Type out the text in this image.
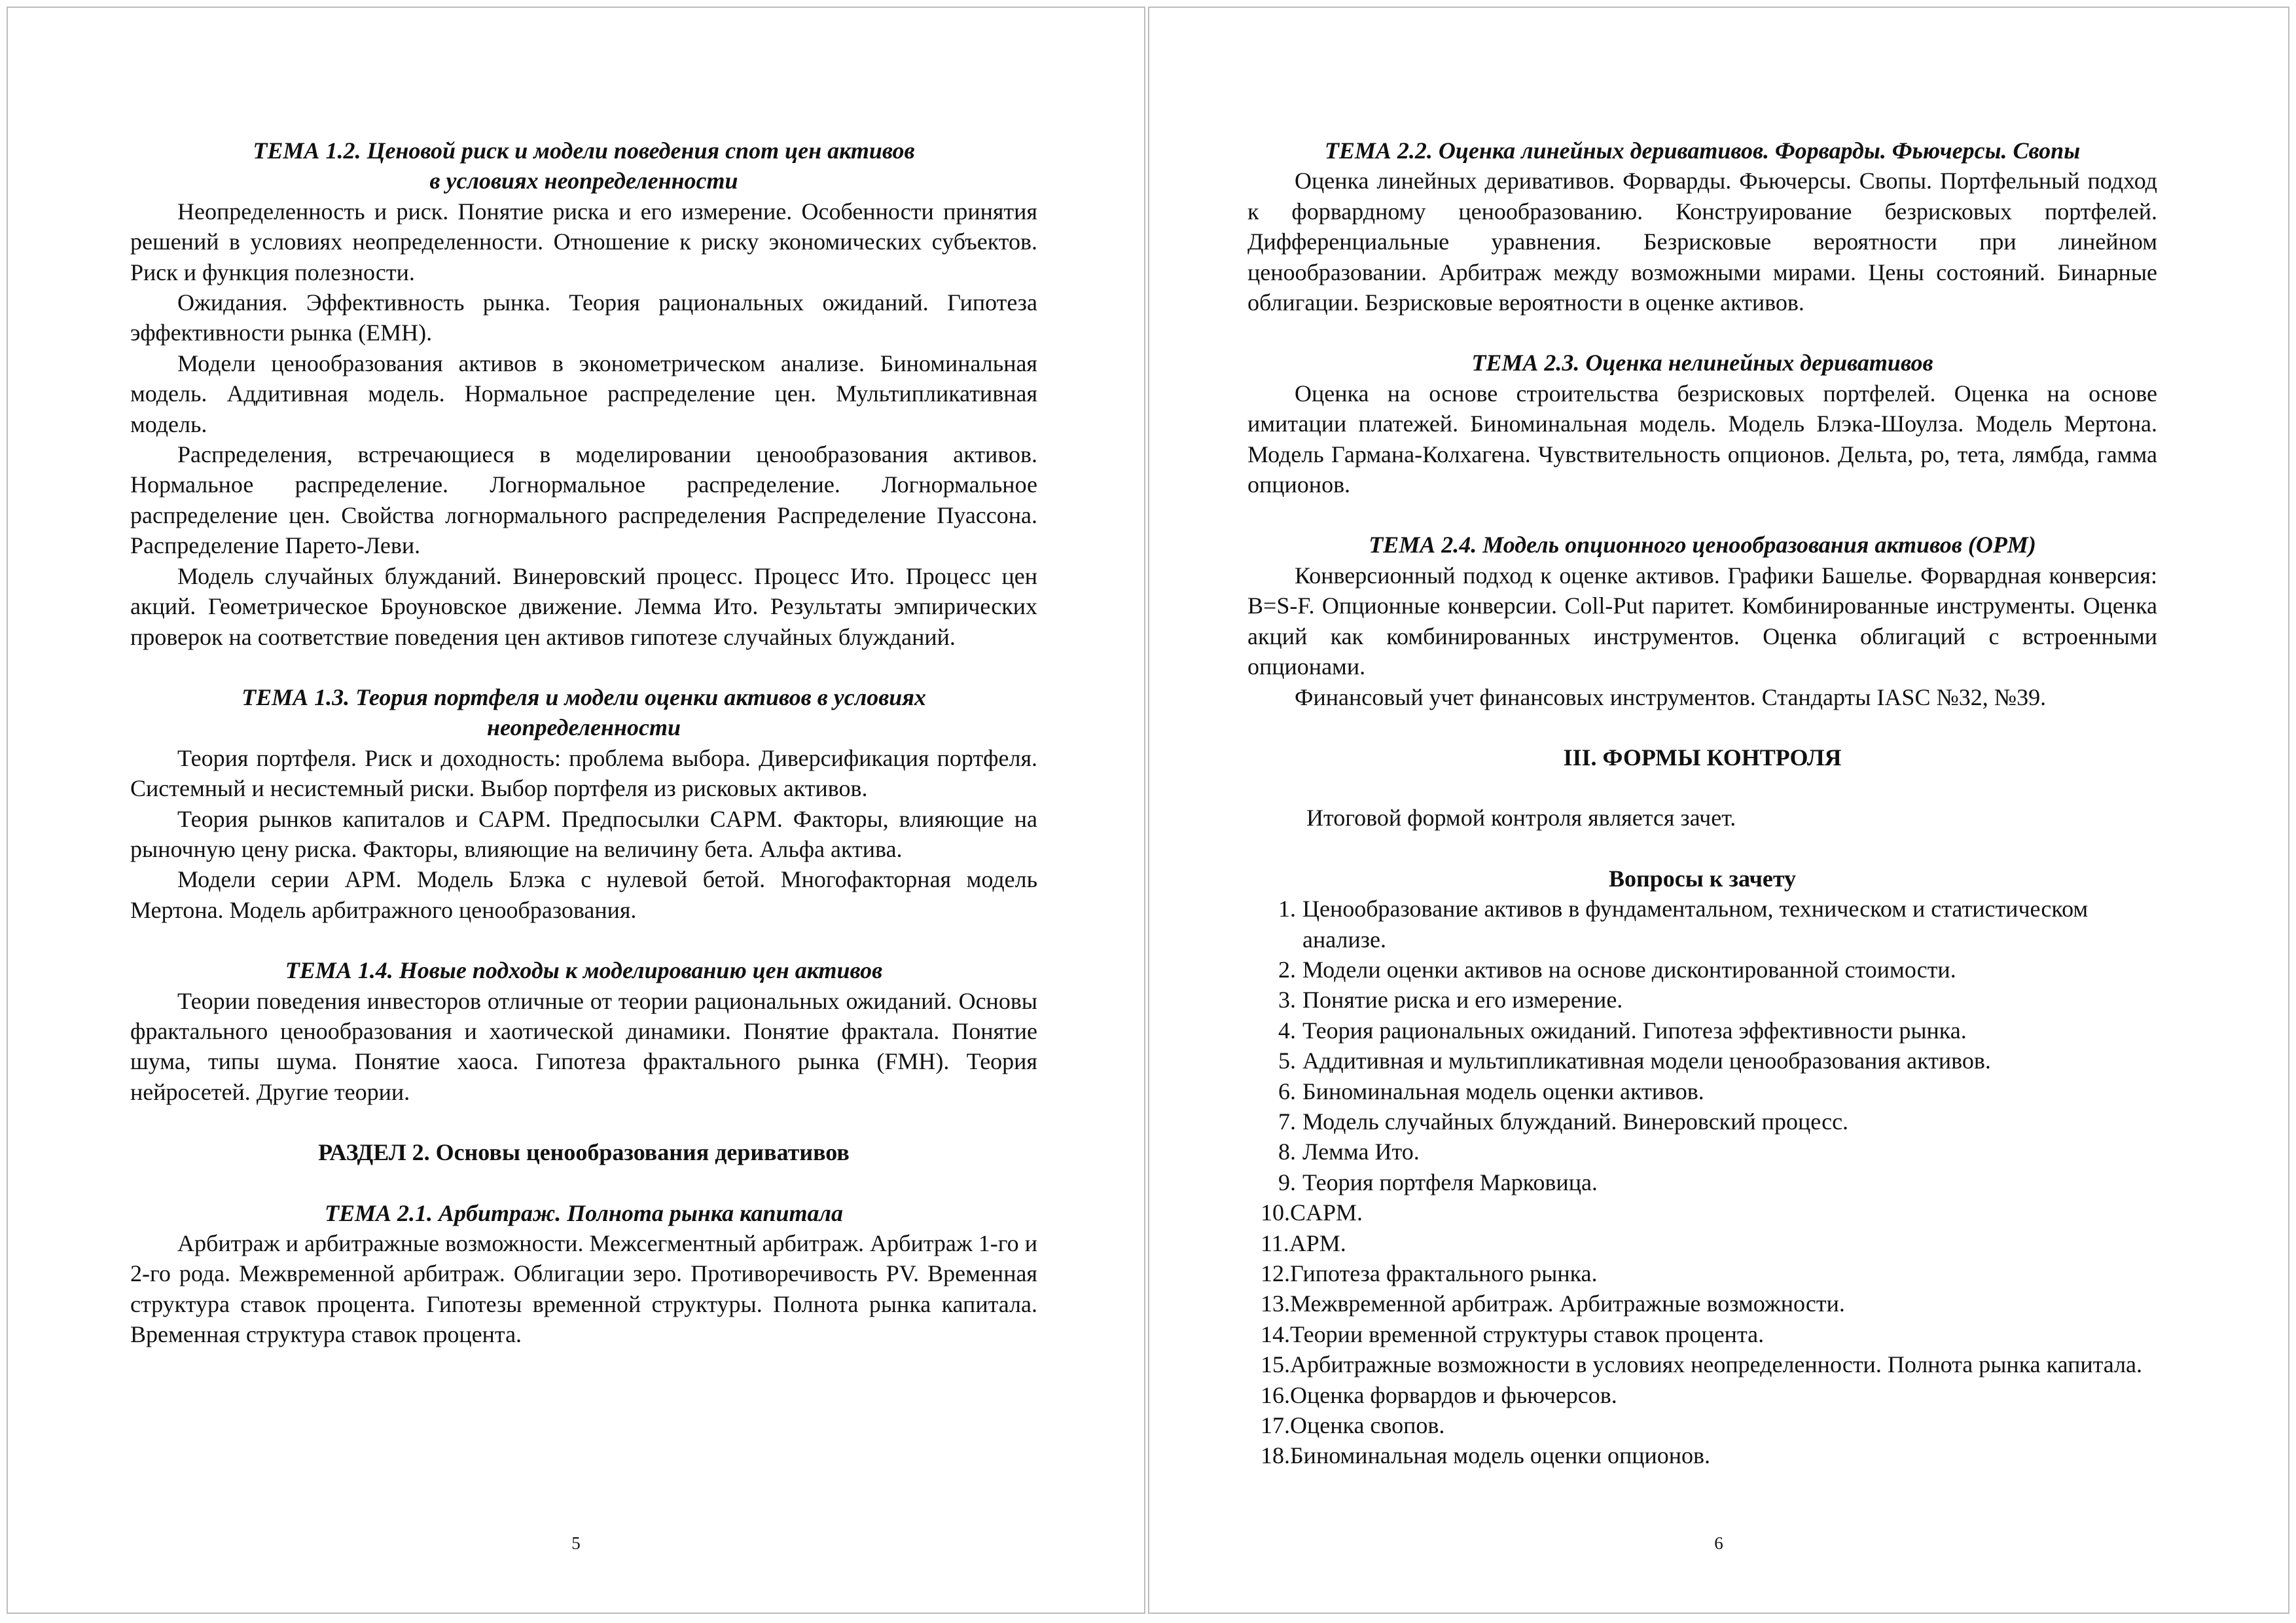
ТЕМА 1.2. Ценовой риск и модели поведения спот цен активов
в условиях неопределенности

Неопределенность и риск. Понятие риска и его измерение. Особенности принятия решений в условиях неопределенности. Отношение к риску экономических субъектов. Риск и функция полезности.

Ожидания. Эффективность рынка. Теория рациональных ожиданий. Гипотеза эффективности рынка (EMH).

Модели ценообразования активов в эконометрическом анализе. Биноминальная модель. Аддитивная модель. Нормальное распределение цен. Мультипликативная модель.

Распределения, встречающиеся в моделировании ценообразования активов. Нормальное распределение. Логнормальное распределение. Логнормальное распределение цен. Свойства логнормального распределения Распределение Пуассона. Распределение Парето-Леви.

Модель случайных блужданий. Винеровский процесс. Процесс Ито. Процесс цен акций. Геометрическое Броуновское движение. Лемма Ито. Результаты эмпирических проверок на соответствие поведения цен активов гипотезе случайных блужданий.

ТЕМА 1.3. Теория портфеля и модели оценки активов в условиях
неопределенности

Теория портфеля. Риск и доходность: проблема выбора. Диверсификация портфеля. Системный и несистемный риски. Выбор портфеля из рисковых активов.

Теория рынков капиталов и CAPM. Предпосылки CAPM. Факторы, влияющие на рыночную цену риска. Факторы, влияющие на величину бета. Альфа актива.

Модели серии APM. Модель Блэка с нулевой бетой. Многофакторная модель Мертона. Модель арбитражного ценообразования.

ТЕМА 1.4. Новые подходы к моделированию цен активов

Теории поведения инвесторов отличные от теории рациональных ожиданий. Основы фрактального ценообразования и хаотической динамики. Понятие фрактала. Понятие шума, типы шума. Понятие хаоса. Гипотеза фрактального рынка (FMH). Теория нейросетей. Другие теории.

РАЗДЕЛ 2. Основы ценообразования деривативов

ТЕМА 2.1. Арбитраж. Полнота рынка капитала

Арбитраж и арбитражные возможности. Межсегментный арбитраж. Арбитраж 1-го и 2-го рода. Межвременной арбитраж. Облигации зеро. Противоречивость PV. Временная структура ставок процента. Гипотезы временной структуры. Полнота рынка капитала. Временная структура ставок процента.

5

ТЕМА 2.2. Оценка линейных деривативов. Форварды. Фьючерсы. Свопы

Оценка линейных деривативов. Форварды. Фьючерсы. Свопы. Портфельный подход к форвардному ценообразованию. Конструирование безрисковых портфелей. Дифференциальные уравнения. Безрисковые вероятности при линейном ценообразовании. Арбитраж между возможными мирами. Цены состояний. Бинарные облигации. Безрисковые вероятности в оценке активов.

ТЕМА 2.3. Оценка нелинейных деривативов

Оценка на основе строительства безрисковых портфелей. Оценка на основе имитации платежей. Биноминальная модель. Модель Блэка-Шоулза. Модель Мертона. Модель Гармана-Колхагена. Чувствительность опционов. Дельта, ро, тета, лямбда, гамма опционов.

ТЕМА 2.4. Модель опционного ценообразования активов (OPM)

Конверсионный подход к оценке активов. Графики Башелье. Форвардная конверсия: B=S-F. Опционные конверсии. Coll-Put паритет. Комбинированные инструменты. Оценка акций как комбинированных инструментов. Оценка облигаций с встроенными опционами.

Финансовый учет финансовых инструментов. Стандарты IASC №32, №39.

III. ФОРМЫ КОНТРОЛЯ

Итоговой формой контроля является зачет.

Вопросы к зачету

1. Ценообразование активов в фундаментальном, техническом и статистическом анализе.
2. Модели оценки активов на основе дисконтированной стоимости.
3. Понятие риска и его измерение.
4. Теория рациональных ожиданий. Гипотеза эффективности рынка.
5. Аддитивная и мультипликативная модели ценообразования активов.
6. Биноминальная модель оценки активов.
7. Модель случайных блужданий. Винеровский процесс.
8. Лемма Ито.
9. Теория портфеля Марковица.
10. CAPM.
11. APM.
12. Гипотеза фрактального рынка.
13. Межвременной арбитраж. Арбитражные возможности.
14. Теории временной структуры ставок процента.
15. Арбитражные возможности в условиях неопределенности. Полнота рынка капитала.
16. Оценка форвардов и фьючерсов.
17. Оценка свопов.
18. Биноминальная модель оценки опционов.
6
